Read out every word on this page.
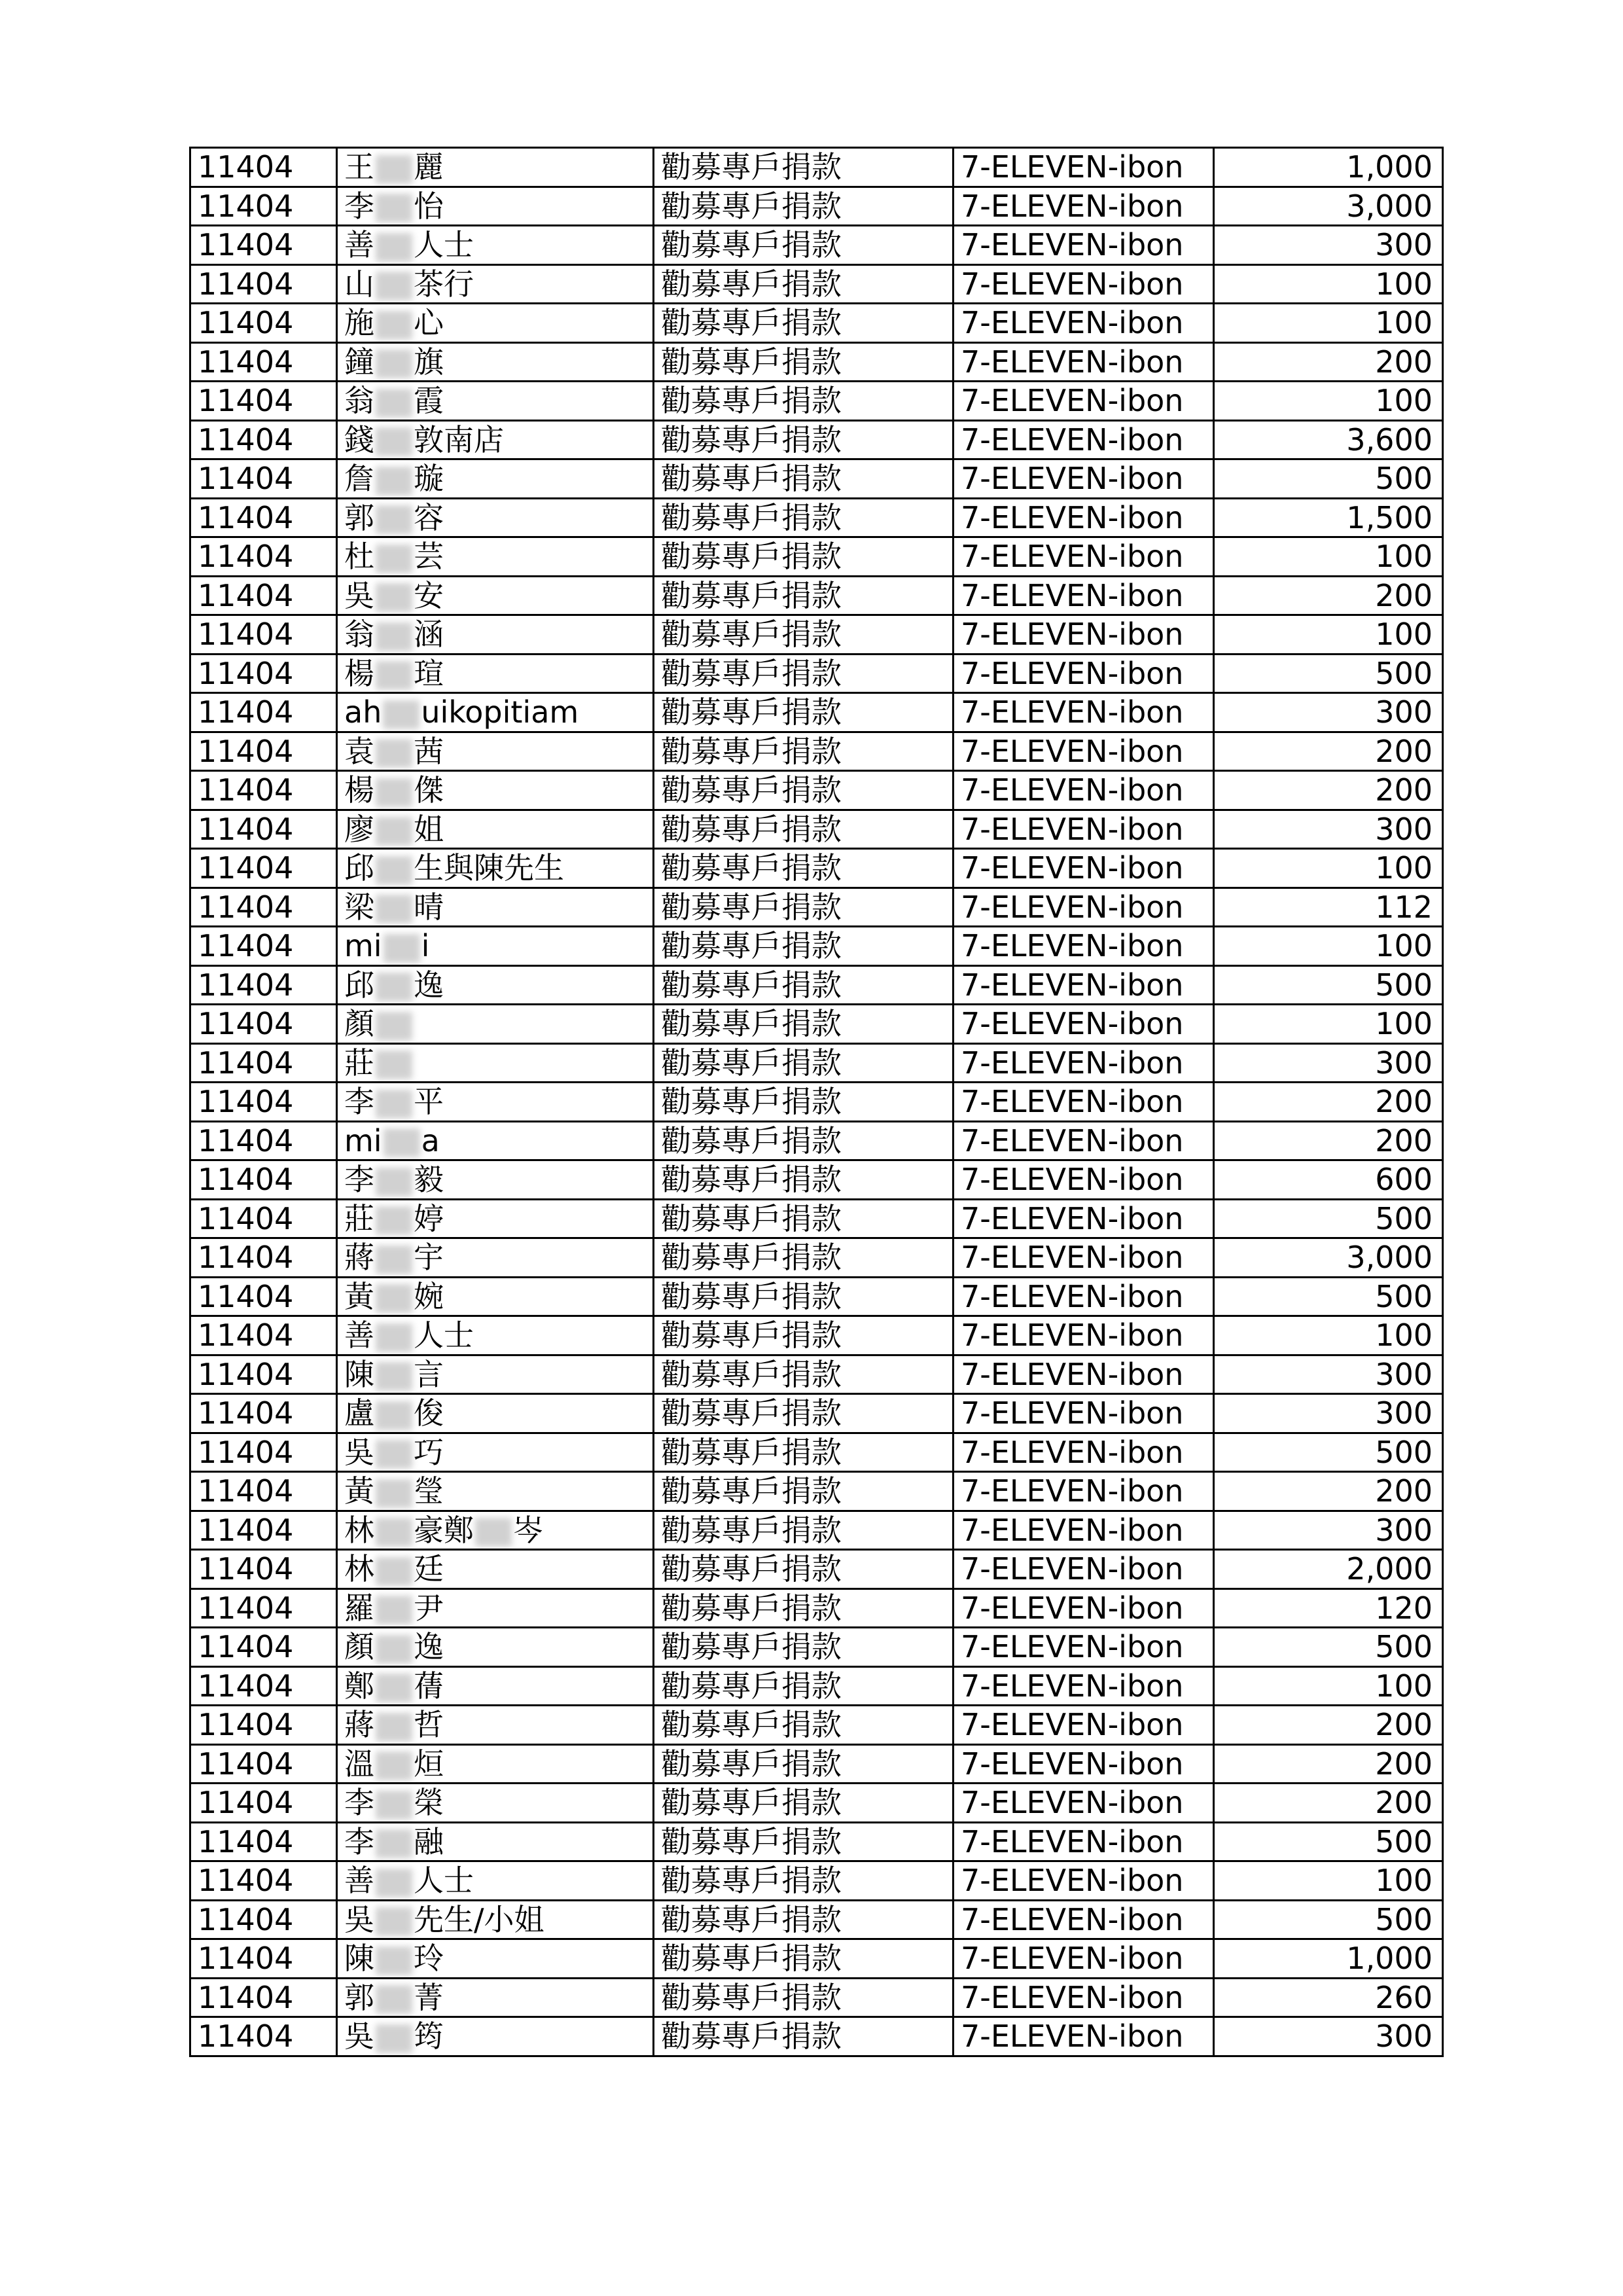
11404	王 麗	勸募專戶捐款	7-ELEVEN-ibon	1,000
11404	李 怡	勸募專戶捐款	7-ELEVEN-ibon	3,000
11404	善 人士	勸募專戶捐款	7-ELEVEN-ibon	300
11404	山 茶行	勸募專戶捐款	7-ELEVEN-ibon	100
11404	施 心	勸募專戶捐款	7-ELEVEN-ibon	100
11404	鐘 旗	勸募專戶捐款	7-ELEVEN-ibon	200
11404	翁 霞	勸募專戶捐款	7-ELEVEN-ibon	100
11404	錢 敦南店	勸募專戶捐款	7-ELEVEN-ibon	3,600
11404	詹 璇	勸募專戶捐款	7-ELEVEN-ibon	500
11404	郭 容	勸募專戶捐款	7-ELEVEN-ibon	1,500
11404	杜 芸	勸募專戶捐款	7-ELEVEN-ibon	100
11404	吳 安	勸募專戶捐款	7-ELEVEN-ibon	200
11404	翁 涵	勸募專戶捐款	7-ELEVEN-ibon	100
11404	楊 瑄	勸募專戶捐款	7-ELEVEN-ibon	500
11404	ah uikopitiam	勸募專戶捐款	7-ELEVEN-ibon	300
11404	袁 茜	勸募專戶捐款	7-ELEVEN-ibon	200
11404	楊 傑	勸募專戶捐款	7-ELEVEN-ibon	200
11404	廖 姐	勸募專戶捐款	7-ELEVEN-ibon	300
11404	邱 生與陳先生	勸募專戶捐款	7-ELEVEN-ibon	100
11404	梁 晴	勸募專戶捐款	7-ELEVEN-ibon	112
11404	mi i	勸募專戶捐款	7-ELEVEN-ibon	100
11404	邱 逸	勸募專戶捐款	7-ELEVEN-ibon	500
11404	顏	勸募專戶捐款	7-ELEVEN-ibon	100
11404	莊	勸募專戶捐款	7-ELEVEN-ibon	300
11404	李 平	勸募專戶捐款	7-ELEVEN-ibon	200
11404	mi a	勸募專戶捐款	7-ELEVEN-ibon	200
11404	李 毅	勸募專戶捐款	7-ELEVEN-ibon	600
11404	莊 婷	勸募專戶捐款	7-ELEVEN-ibon	500
11404	蔣 宇	勸募專戶捐款	7-ELEVEN-ibon	3,000
11404	黃 婉	勸募專戶捐款	7-ELEVEN-ibon	500
11404	善 人士	勸募專戶捐款	7-ELEVEN-ibon	100
11404	陳 言	勸募專戶捐款	7-ELEVEN-ibon	300
11404	盧 俊	勸募專戶捐款	7-ELEVEN-ibon	300
11404	吳 巧	勸募專戶捐款	7-ELEVEN-ibon	500
11404	黃 瑩	勸募專戶捐款	7-ELEVEN-ibon	200
11404	林 豪鄭 岑	勸募專戶捐款	7-ELEVEN-ibon	300
11404	林 廷	勸募專戶捐款	7-ELEVEN-ibon	2,000
11404	羅 尹	勸募專戶捐款	7-ELEVEN-ibon	120
11404	顏 逸	勸募專戶捐款	7-ELEVEN-ibon	500
11404	鄭 蒨	勸募專戶捐款	7-ELEVEN-ibon	100
11404	蔣 哲	勸募專戶捐款	7-ELEVEN-ibon	200
11404	溫 烜	勸募專戶捐款	7-ELEVEN-ibon	200
11404	李 榮	勸募專戶捐款	7-ELEVEN-ibon	200
11404	李 融	勸募專戶捐款	7-ELEVEN-ibon	500
11404	善 人士	勸募專戶捐款	7-ELEVEN-ibon	100
11404	吳 先生/小姐	勸募專戶捐款	7-ELEVEN-ibon	500
11404	陳 玲	勸募專戶捐款	7-ELEVEN-ibon	1,000
11404	郭 菁	勸募專戶捐款	7-ELEVEN-ibon	260
11404	吳 筠	勸募專戶捐款	7-ELEVEN-ibon	300
